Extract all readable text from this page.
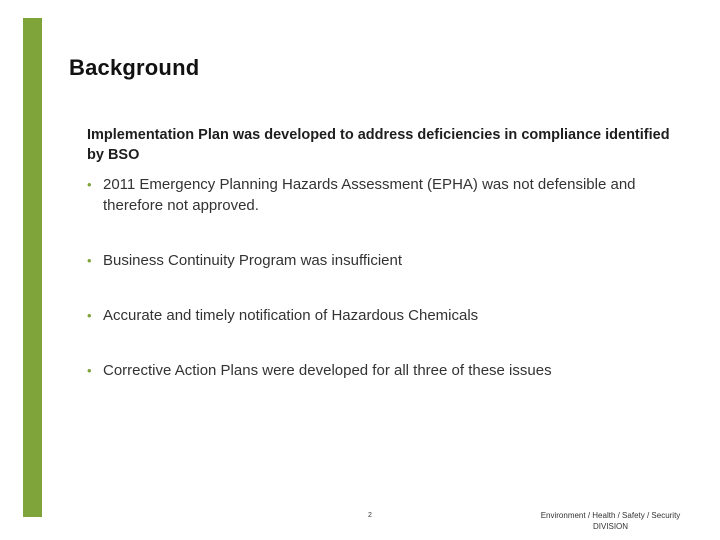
Background

Implementation Plan was developed to address deficiencies in compliance identified by BSO

• 2011 Emergency Planning Hazards Assessment (EPHA) was not defensible and therefore not approved.
• Business Continuity Program was insufficient
• Accurate and timely notification of Hazardous Chemicals
• Corrective Action Plans were developed for all three of these issues
2	Environment / Health / Safety / Security DIVISION
